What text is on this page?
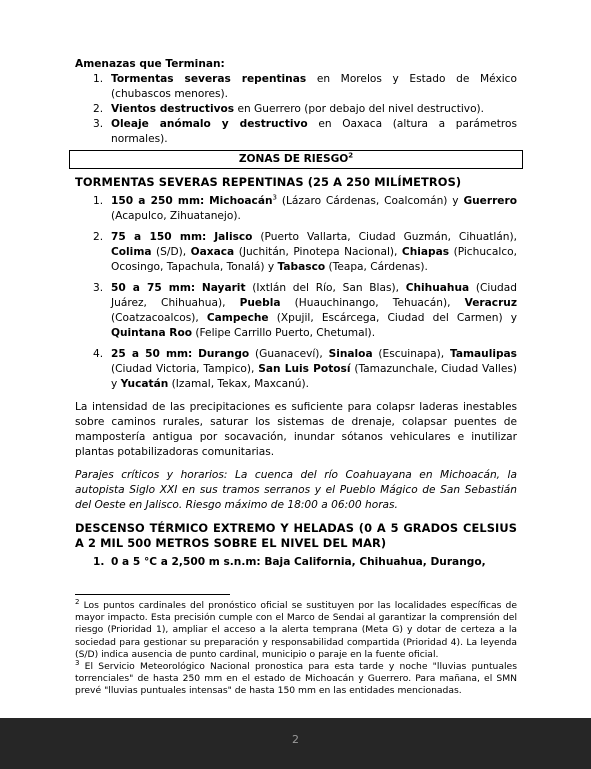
Amenazas que Terminan:
1. Tormentas severas repentinas en Morelos y Estado de México (chubascos menores).
2. Vientos destructivos en Guerrero (por debajo del nivel destructivo).
3. Oleaje anómalo y destructivo en Oaxaca (altura a parámetros normales).
ZONAS DE RIESGO$^2$
TORMENTAS SEVERAS REPENTINAS (25 A 250 MILÍMETROS)
1. 150 a 250 mm: Michoacán$^3$ (Lázaro Cárdenas, Coalcomán) y Guerrero (Acapulco, Zihuatanejo).
2. 75 a 150 mm: Jalisco (Puerto Vallarta, Ciudad Guzmán, Cihuatlán), Colima (S/D), Oaxaca (Juchitán, Pinotepa Nacional), Chiapas (Pichucalco, Ocosingo, Tapachula, Tonalá) y Tabasco (Teapa, Cárdenas).
3. 50 a 75 mm: Nayarit (Ixtlán del Río, San Blas), Chihuahua (Ciudad Juárez, Chihuahua), Puebla (Huauchinango, Tehuacán), Veracruz (Coatzacoalcos), Campeche (Xpujil, Escárcega, Ciudad del Carmen) y Quintana Roo (Felipe Carrillo Puerto, Chetumal).
4. 25 a 50 mm: Durango (Guanaceví), Sinaloa (Escuinapa), Tamaulipas (Ciudad Victoria, Tampico), San Luis Potosí (Tamazunchale, Ciudad Valles) y Yucatán (Izamal, Tekax, Maxcanú).

La intensidad de las precipitaciones es suficiente para colapsr laderas inestables sobre caminos rurales, saturar los sistemas de drenaje, colapsar puentes de mampostería antigua por socavación, inundar sótanos vehiculares e inutilizar plantas potabilizadoras comunitarias.

Parajes críticos y horarios: La cuenca del río Coahuayana en Michoacán, la autopista Siglo XXI en sus tramos serranos y el Pueblo Mágico de San Sebastián del Oeste en Jalisco. Riesgo máximo de 18:00 a 06:00 horas.

DESCENSO TÉRMICO EXTREMO Y HELADAS (0 A 5 GRADOS CELSIUS A 2 MIL 500 METROS SOBRE EL NIVEL DEL MAR)
1. 0 a 5 °C a 2,500 m s.n.m: Baja California, Chihuahua, Durango,
$^2$ Los puntos cardinales del pronóstico oficial se sustituyen por las localidades específicas de mayor impacto. Esta precisión cumple con el Marco de Sendai al garantizar la comprensión del riesgo (Prioridad 1), ampliar el acceso a la alerta temprana (Meta G) y dotar de certeza a la sociedad para gestionar su preparación y responsabilidad compartida (Prioridad 4). La leyenda (S/D) indica ausencia de punto cardinal, municipio o paraje en la fuente oficial.
$^3$ El Servicio Meteorológico Nacional pronostica para esta tarde y noche "lluvias puntuales torrenciales" de hasta 250 mm en el estado de Michoacán y Guerrero. Para mañana, el SMN prevé "lluvias puntuales intensas" de hasta 150 mm en las entidades mencionadas.
2
